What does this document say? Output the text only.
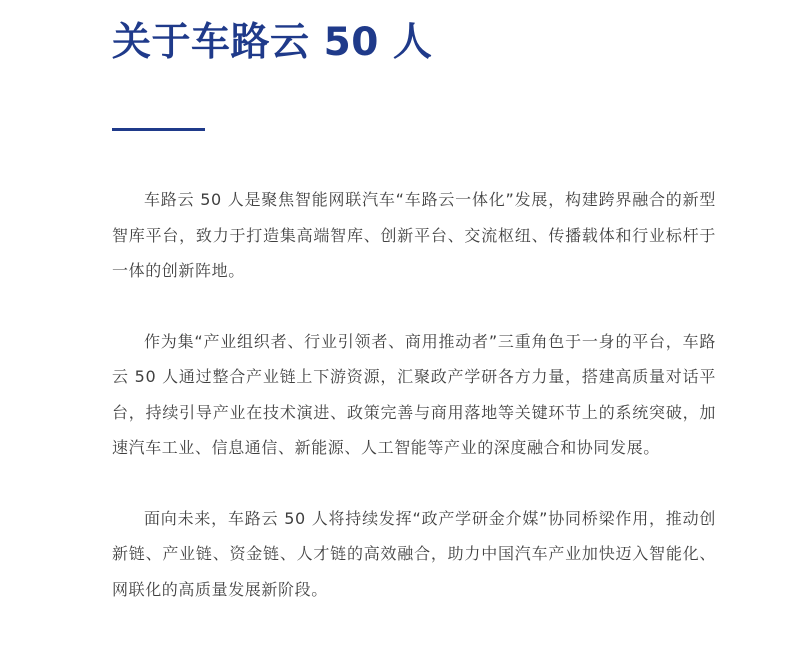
关于车路云 50 人

车路云 50 人是聚焦智能网联汽车“车路云一体化”发展，构建跨界融合的新型智库平台，致力于打造集高端智库、创新平台、交流枢纽、传播载体和行业标杆于一体的创新阵地。

作为集“产业组织者、行业引领者、商用推动者”三重角色于一身的平台，车路云 50 人通过整合产业链上下游资源，汇聚政产学研各方力量，搭建高质量对话平台，持续引导产业在技术演进、政策完善与商用落地等关键环节上的系统突破，加速汽车工业、信息通信、新能源、人工智能等产业的深度融合和协同发展。

面向未来，车路云 50 人将持续发挥“政产学研金介媒”协同桥梁作用，推动创新链、产业链、资金链、人才链的高效融合，助力中国汽车产业加快迈入智能化、网联化的高质量发展新阶段。
